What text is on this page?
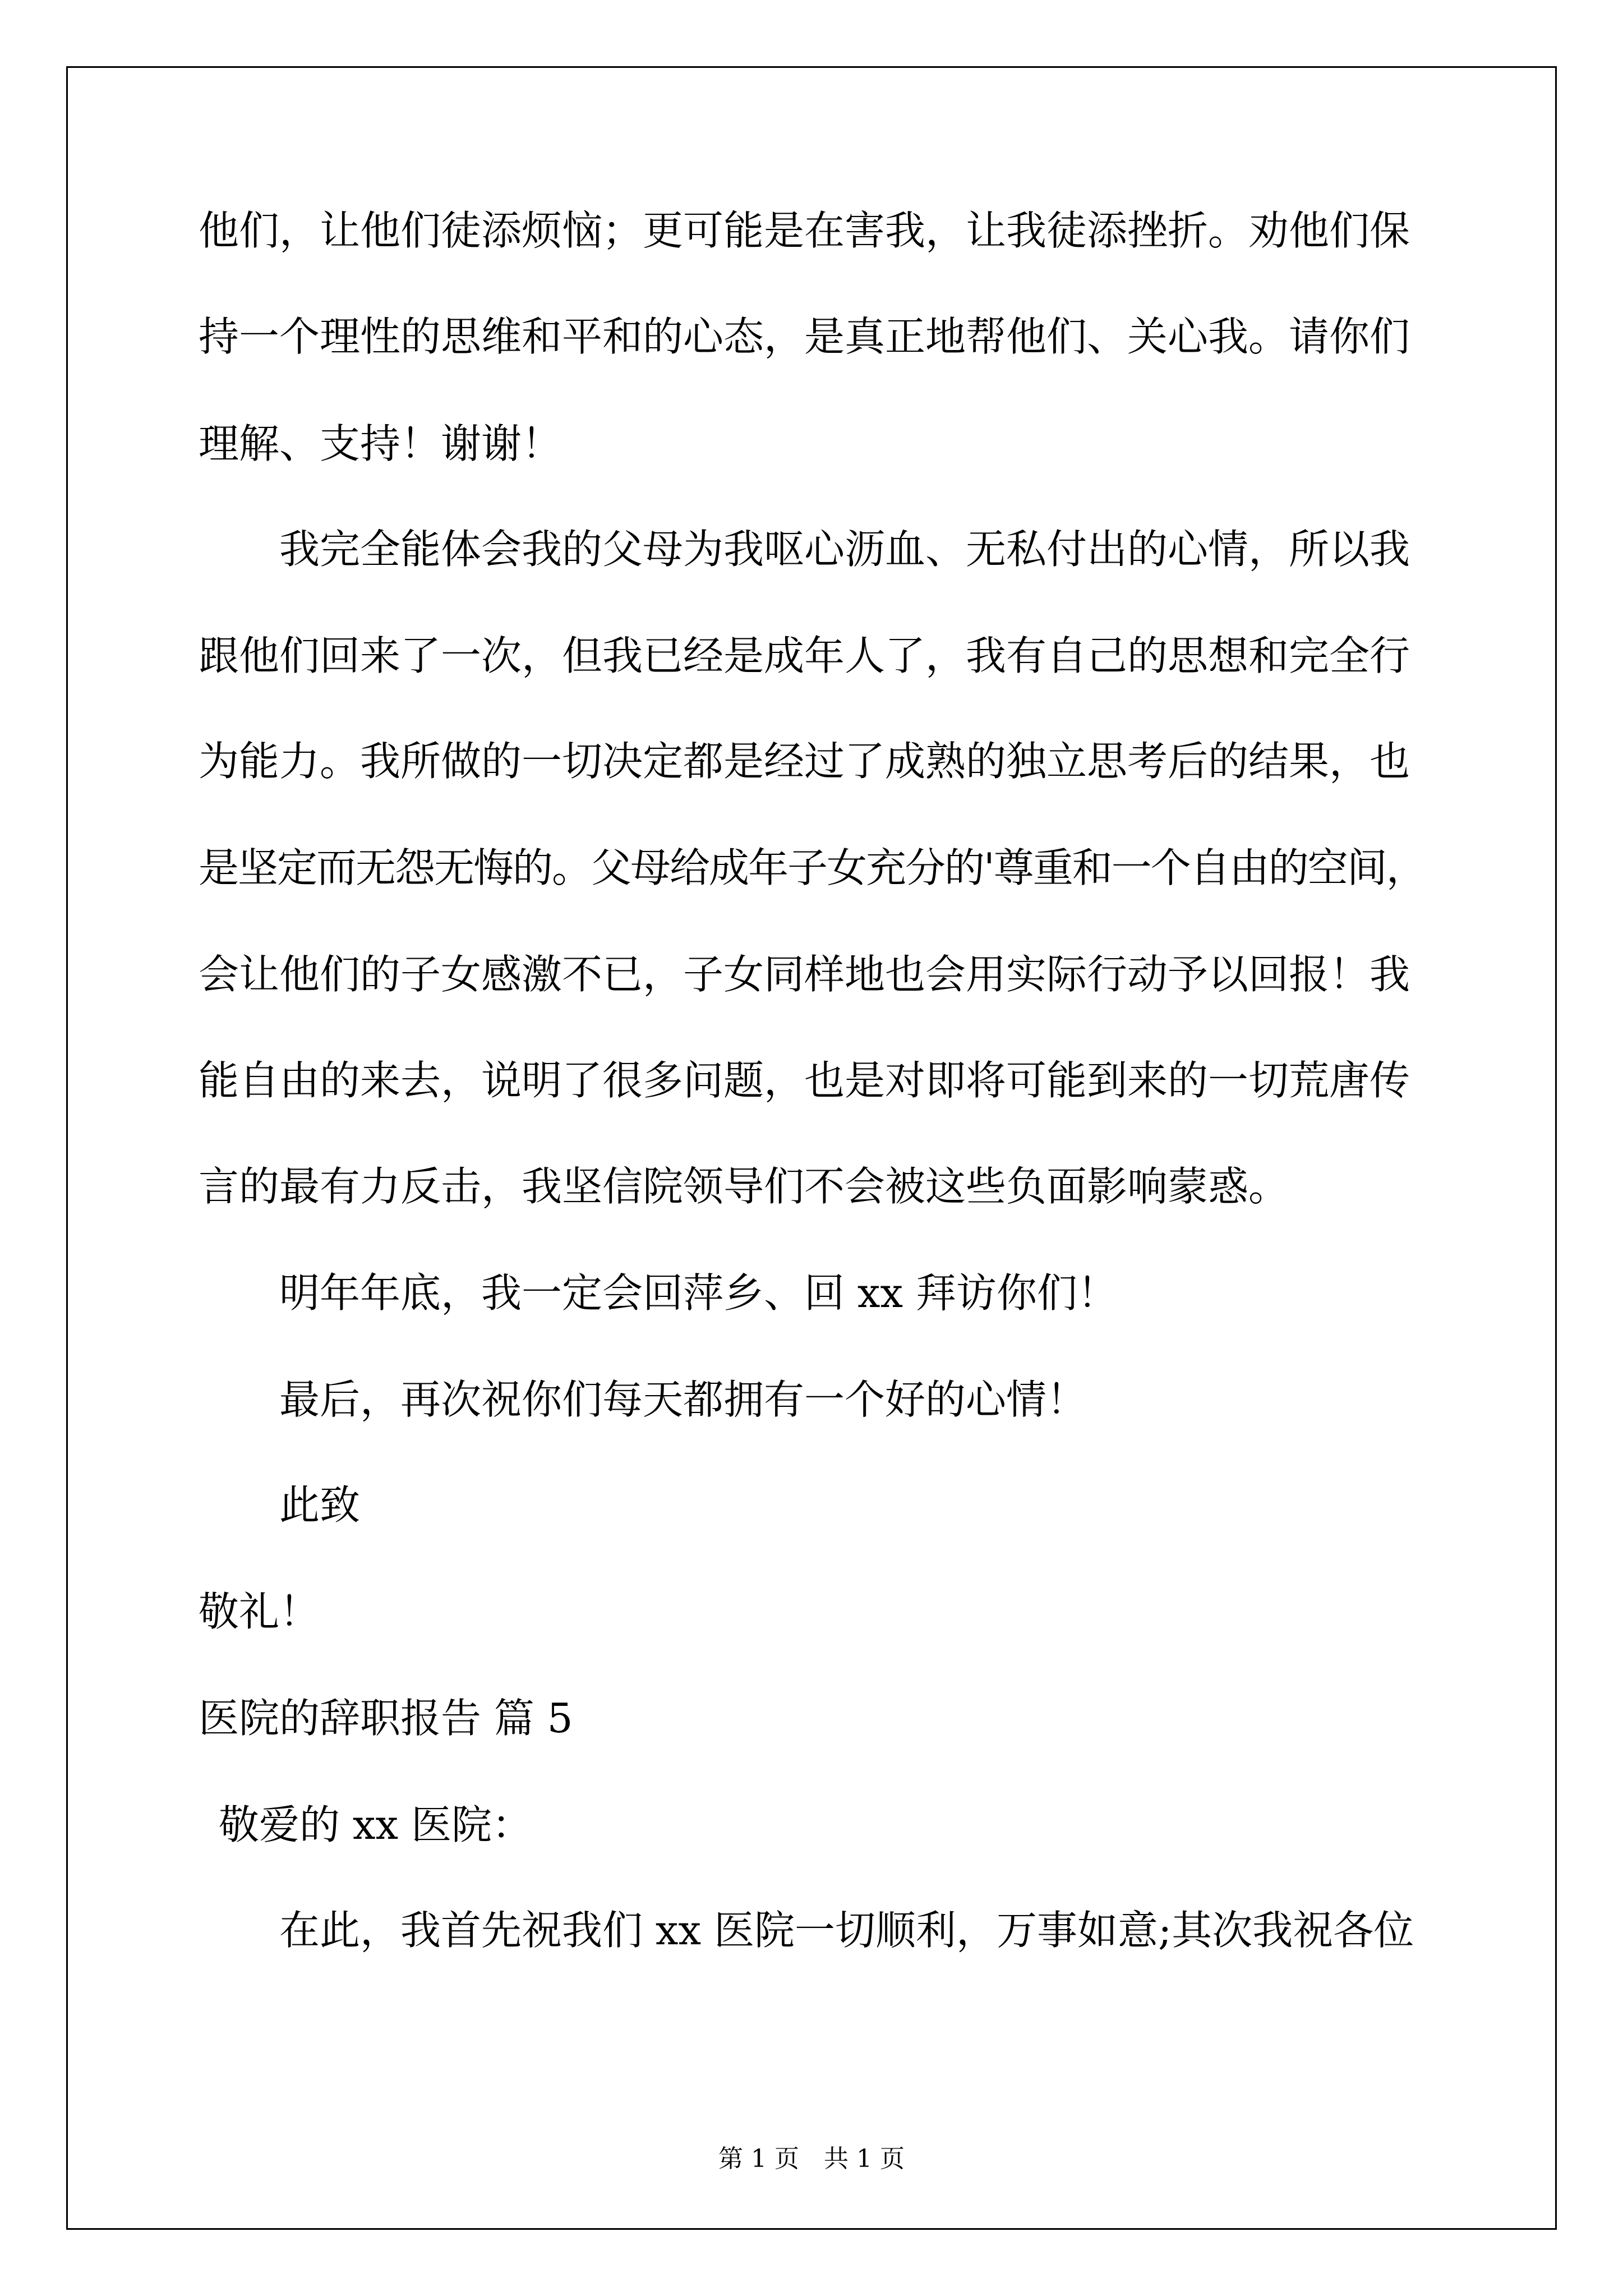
他们，让他们徒添烦恼；更可能是在害我，让我徒添挫折。劝他们保
持一个理性的思维和平和的心态，是真正地帮他们、关心我。请你们
理解、支持！谢谢！
我完全能体会我的父母为我呕心沥血、无私付出的心情，所以我
跟他们回来了一次，但我已经是成年人了，我有自己的思想和完全行
为能力。我所做的一切决定都是经过了成熟的独立思考后的结果，也
是坚定而无怨无悔的。父母给成年子女充分的'尊重和一个自由的空间，
会让他们的子女感激不已，子女同样地也会用实际行动予以回报！我
能自由的来去，说明了很多问题，也是对即将可能到来的一切荒唐传
言的最有力反击，我坚信院领导们不会被这些负面影响蒙惑。
明年年底，我一定会回萍乡、回 xx 拜访你们！
最后，再次祝你们每天都拥有一个好的心情！
此致
敬礼！
医院的辞职报告 篇 5
敬爱的 xx 医院：
在此，我首先祝我们 xx 医院一切顺利，万事如意;其次我祝各位
第 1 页　共 1 页
